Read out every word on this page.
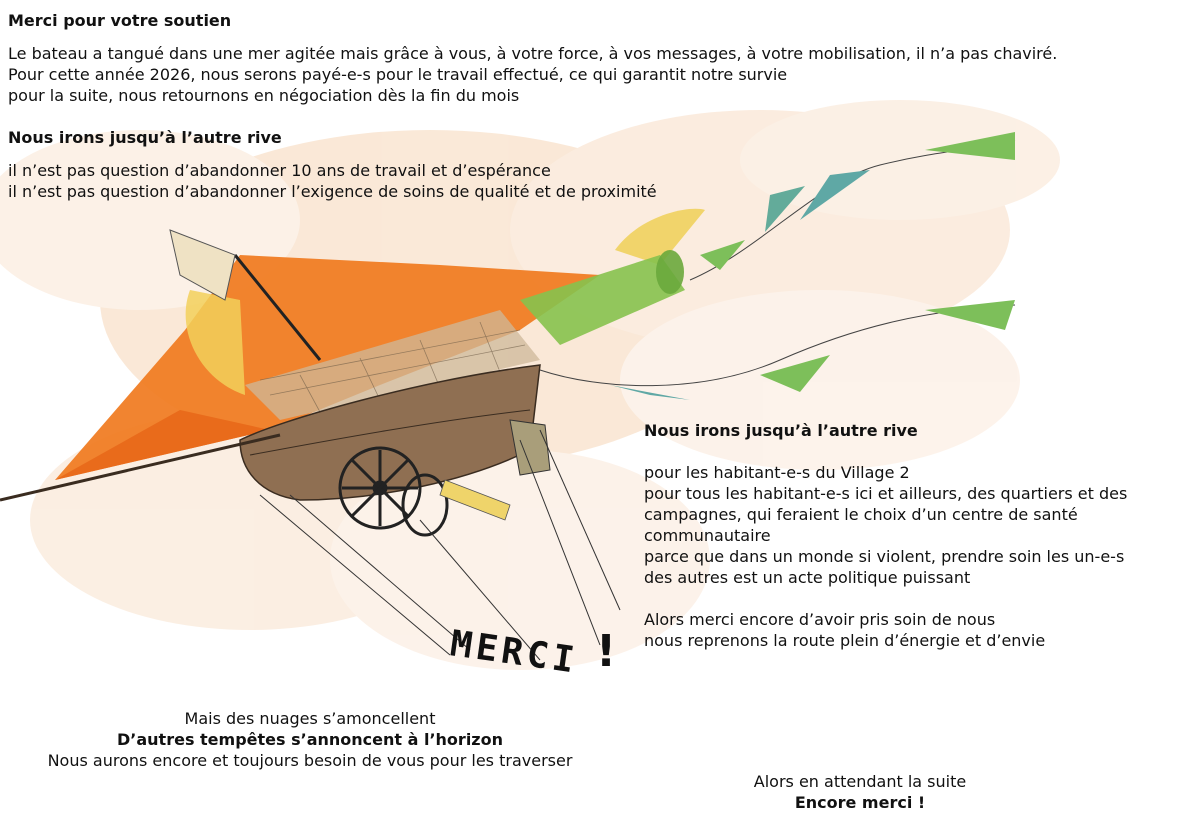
Merci pour votre soutien
Le bateau a tangué dans une mer agitée mais grâce à vous, à votre force, à vos messages, à votre mobilisation, il n’a pas chaviré.
Pour cette année 2026, nous serons payé-e-s pour le travail effectué, ce qui garantit notre survie
pour la suite, nous retournons en négociation dès la fin du mois
Nous irons jusqu’à l’autre rive
il n’est pas question d’abandonner 10 ans de travail et d’espérance
il n’est pas question d’abandonner l’exigence de soins de qualité et de proximité
Nous irons jusqu’à l’autre rive
pour les habitant-e-s du Village 2
pour tous les habitant-e-s ici et ailleurs, des quartiers et des
campagnes, qui feraient le choix d’un centre de santé
communautaire
parce que dans un monde si violent, prendre soin les un-e-s
des autres est un acte politique puissant
Alors merci encore d’avoir pris soin de nous
nous reprenons la route plein d’énergie et d’envie
MERCI !
Mais des nuages s’amoncellent
D’autres tempêtes s’annoncent à l’horizon
Nous aurons encore et toujours besoin de vous pour les traverser
Alors en attendant la suite
Encore merci !
